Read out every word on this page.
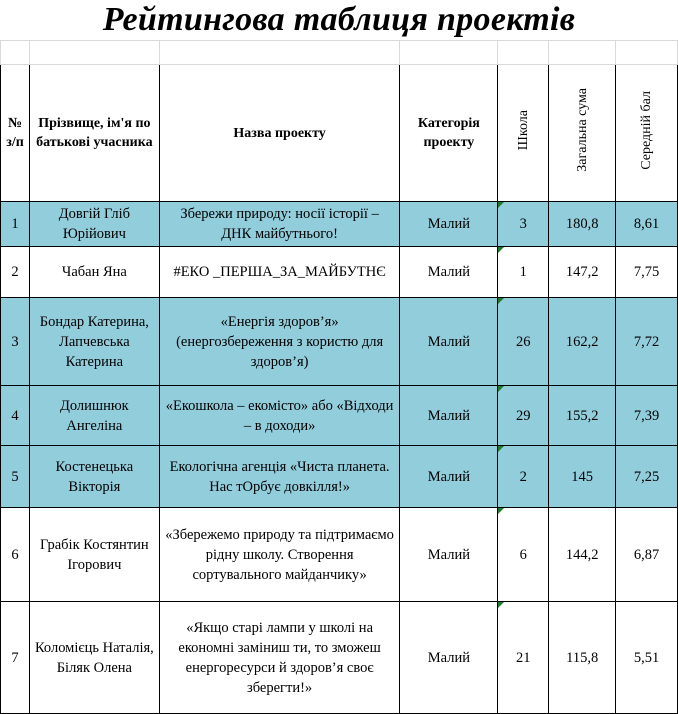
Рейтингова таблиця проектів

№ з/п	Прізвище, ім'я по батькові учасника	Назва проекту	Категорія проекту	Школа	Загальна сума	Середній бал
1	Довгій Гліб Юрійович	Збережи природу: носії історії – ДНК майбутнього!	Малий	3	180,8	8,61
2	Чабан Яна	#ЕКО _ПЕРША_ЗА_МАЙБУТНЄ	Малий	1	147,2	7,75
3	Бондар Катерина, Лапчевська Катерина	«Енергія здоров’я» (енергозбереження з користю для здоров’я)	Малий	26	162,2	7,72
4	Долишнюк Ангеліна	«Екошкола – екомісто» або «Відходи – в доходи»	Малий	29	155,2	7,39
5	Костенецька Вікторія	Екологічна агенція «Чиста планета. Нас тОрбує довкілля!»	Малий	2	145	7,25
6	Грабік Костянтин Ігорович	«Збережемо природу та підтримаємо рідну школу. Створення сортувального майданчику»	Малий	6	144,2	6,87
7	Коломієць Наталія, Біляк Олена	«Якщо старі лампи у школі на економні заміниш ти, то зможеш енергоресурси й здоров’я своє зберегти!»	Малий	21	115,8	5,51
